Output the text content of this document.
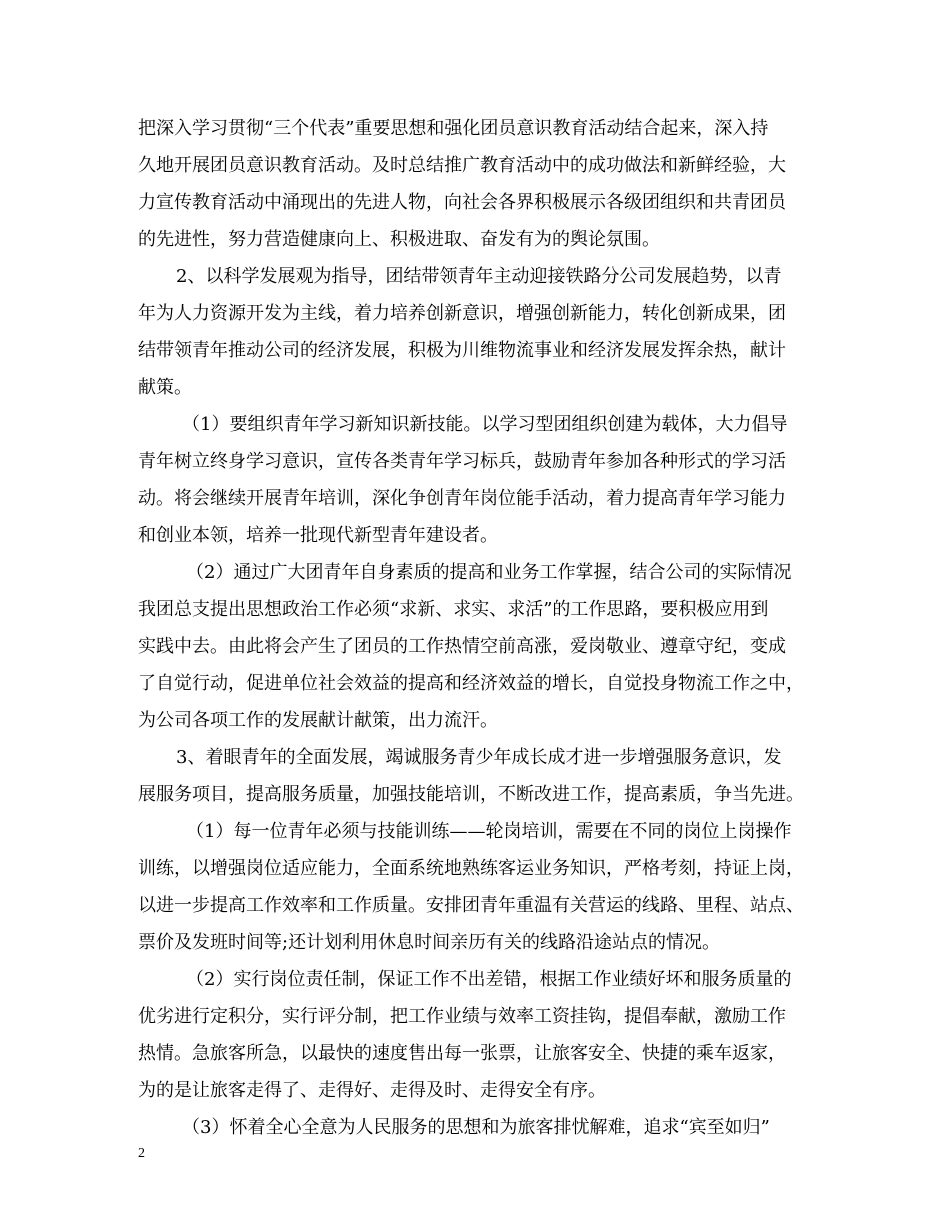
把深入学习贯彻“三个代表”重要思想和强化团员意识教育活动结合起来，深入持
久地开展团员意识教育活动。及时总结推广教育活动中的成功做法和新鲜经验，大
力宣传教育活动中涌现出的先进人物，向社会各界积极展示各级团组织和共青团员
的先进性，努力营造健康向上、积极进取、奋发有为的舆论氛围。
2、以科学发展观为指导，团结带领青年主动迎接铁路分公司发展趋势，以青
年为人力资源开发为主线，着力培养创新意识，增强创新能力，转化创新成果，团
结带领青年推动公司的经济发展，积极为川维物流事业和经济发展发挥余热，献计
献策。
（1）要组织青年学习新知识新技能。以学习型团组织创建为载体，大力倡导
青年树立终身学习意识，宣传各类青年学习标兵，鼓励青年参加各种形式的学习活
动。将会继续开展青年培训，深化争创青年岗位能手活动，着力提高青年学习能力
和创业本领，培养一批现代新型青年建设者。
（2）通过广大团青年自身素质的提高和业务工作掌握，结合公司的实际情况
我团总支提出思想政治工作必须“求新、求实、求活”的工作思路，要积极应用到
实践中去。由此将会产生了团员的工作热情空前高涨，爱岗敬业、遵章守纪，变成
了自觉行动，促进单位社会效益的提高和经济效益的增长，自觉投身物流工作之中，
为公司各项工作的发展献计献策，出力流汗。
3、着眼青年的全面发展，竭诚服务青少年成长成才进一步增强服务意识，发
展服务项目，提高服务质量，加强技能培训，不断改进工作，提高素质，争当先进。
（1）每一位青年必须与技能训练——轮岗培训，需要在不同的岗位上岗操作
训练，以增强岗位适应能力，全面系统地熟练客运业务知识，严格考刻，持证上岗，
以进一步提高工作效率和工作质量。安排团青年重温有关营运的线路、里程、站点、
票价及发班时间等;还计划利用休息时间亲历有关的线路沿途站点的情况。
（2）实行岗位责任制，保证工作不出差错，根据工作业绩好坏和服务质量的
优劣进行定积分，实行评分制，把工作业绩与效率工资挂钩，提倡奉献，激励工作
热情。急旅客所急，以最快的速度售出每一张票，让旅客安全、快捷的乘车返家，
为的是让旅客走得了、走得好、走得及时、走得安全有序。
（3）怀着全心全意为人民服务的思想和为旅客排忧解难，追求“宾至如归”
2
